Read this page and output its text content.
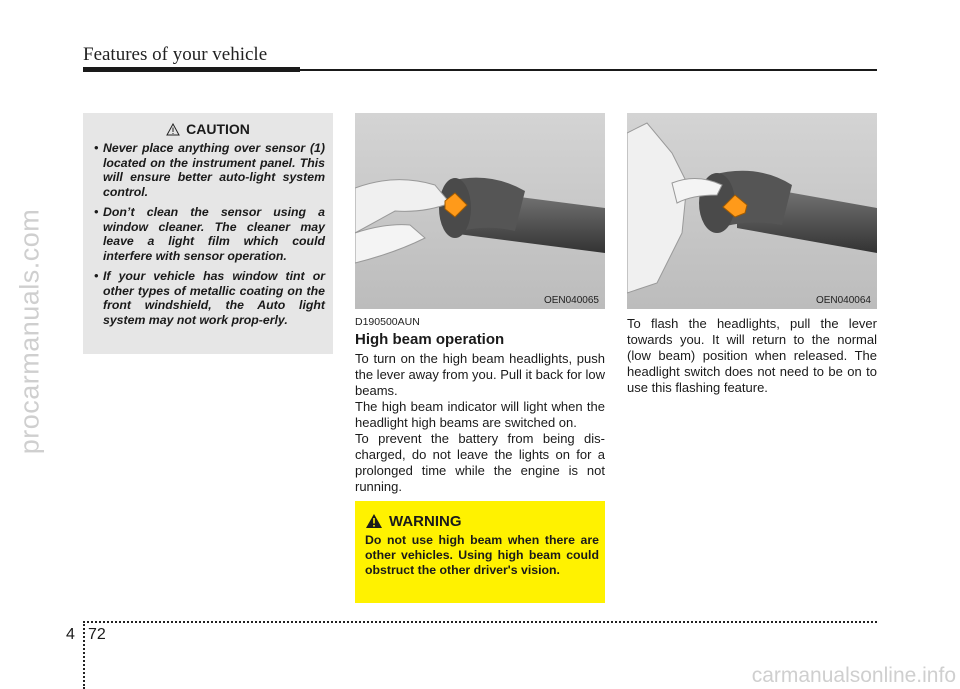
Features of your vehicle
procarmanuals.com
carmanualsonline.info
CAUTION
• Never place anything over sensor (1) located on the instrument panel. This will ensure better auto-light system control.
• Don’t clean the sensor using a window cleaner. The cleaner may leave a light film which could interfere with sensor operation.
• If your vehicle has window tint or other types of metallic coating on the front windshield, the Auto light system may not work prop-erly.
OEN040065	OEN040064
D190500AUN
High beam operation
To turn on the high beam headlights, push the lever away from you. Pull it back for low beams.
The high beam indicator will light when the headlight high beams are switched on.
To prevent the battery from being dis-charged, do not leave the lights on for a prolonged time while the engine is not running.
To flash the headlights, pull the lever towards you. It will return to the normal (low beam) position when released. The headlight switch does not need to be on to use this flashing feature.
WARNING
Do not use high beam when there are other vehicles. Using high beam could obstruct the other driver's vision.
4 72
